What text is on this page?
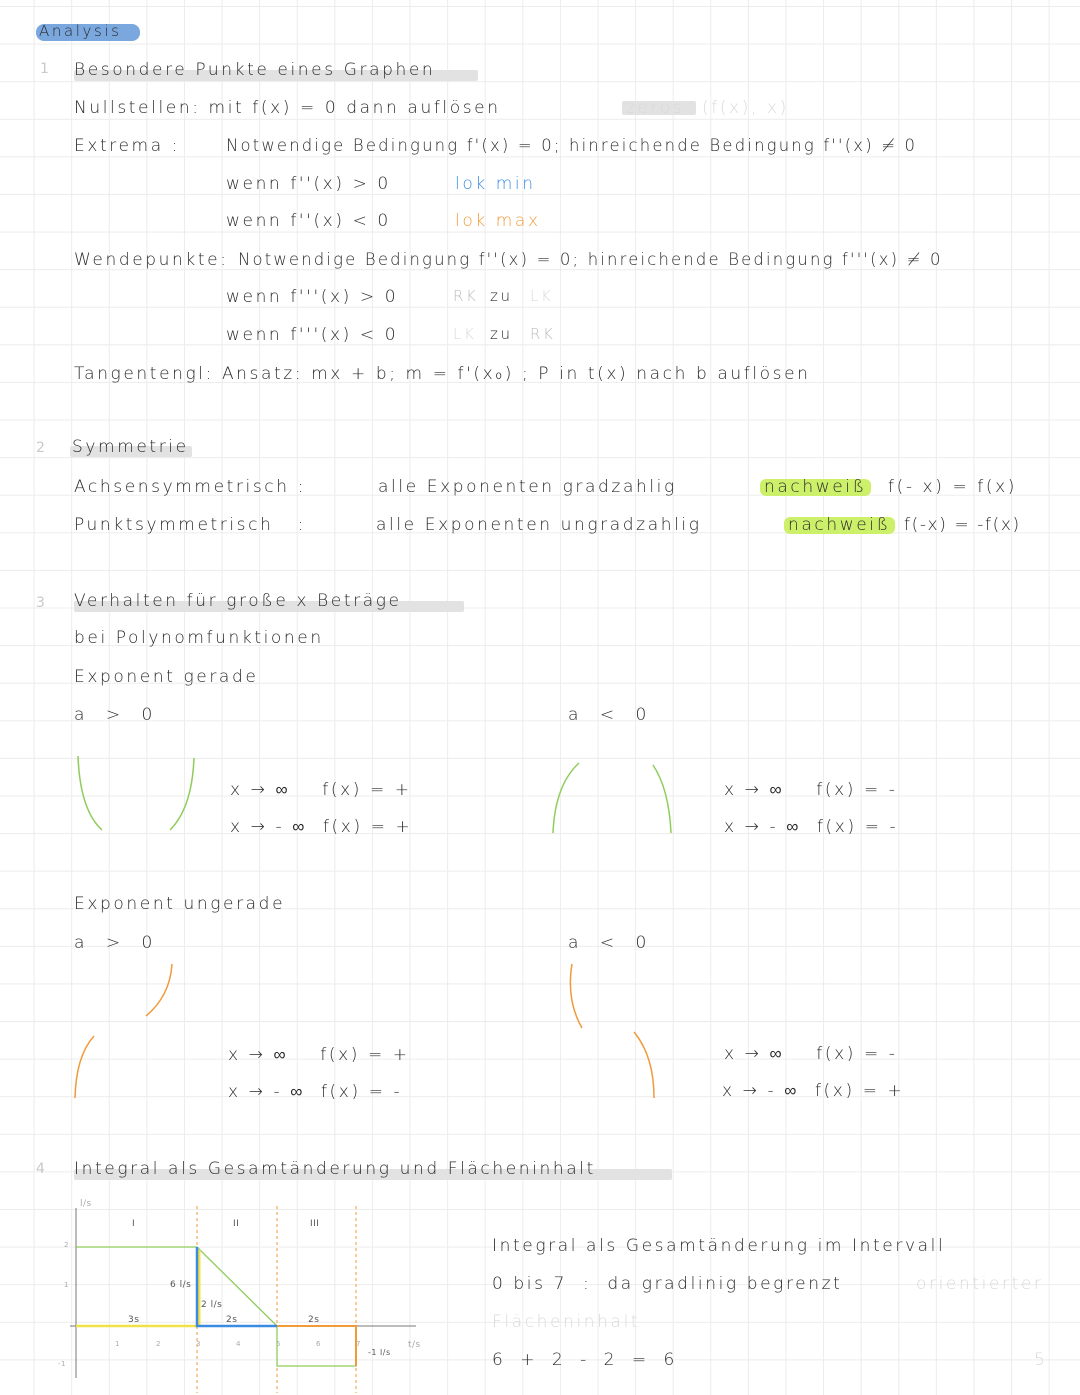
Analysis
1 Besondere Punkte eines Graphen
Nullstellen: mit f(x) = 0 dann auflösen	zeros (f(x), x)
Extrema :	Notwendige Bedingung f'(x) = 0; hinreichende Bedingung f''(x) ≠ 0
wenn f''(x) > 0	lok min
wenn f''(x) < 0	lok max
Wendepunkte: Notwendige Bedingung f''(x) = 0; hinreichende Bedingung f'''(x) ≠ 0
wenn f'''(x) > 0	RK zu LK
wenn f'''(x) < 0	LK zu RK
Tangentengl: Ansatz: mx + b; m = f'(x₀) ; P in t(x) nach b auflösen
2 Symmetrie
Achsensymmetrisch :	alle Exponenten gradzahlig	nachweiß f(- x) = f(x)
Punktsymmetrisch   :	alle Exponenten ungradzahlig	nachweiß f(-x) = -f(x)
3 Verhalten für große x Beträge
bei Polynomfunktionen
Exponent gerade
a > 0	a < 0
x → ∞    f(x) = +
x → - ∞  f(x) = +
x → ∞    f(x) = -
x → - ∞  f(x) = -
Exponent ungerade
a > 0	a < 0
x → ∞    f(x) = +
x → - ∞  f(x) = -
x → ∞    f(x) = -
x → - ∞  f(x) = +
4 Integral als Gesamtänderung und Flächeninhalt
l/s
t/s
I	II	III
2
1
-1
1	2	3	4	5	6	7
3s
6 l/s
2 l/s
2s	2s
-1 l/s
Integral als Gesamtänderung im Intervall
0 bis 7  :  da gradlinig begrenzt	orientierter
Flächeninhalt
6 + 2 - 2 = 6	5
